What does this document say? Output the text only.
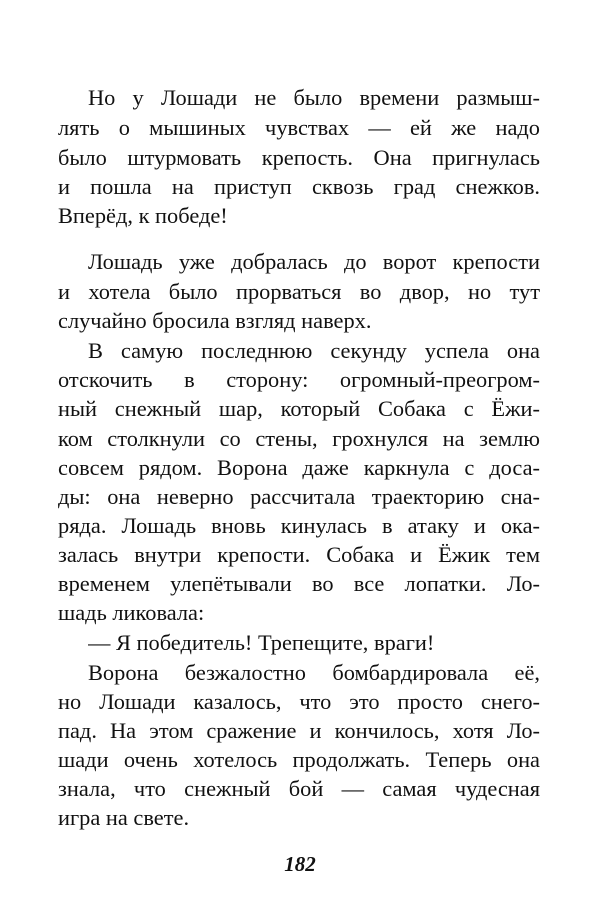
Но у Лошади не было времени размыш-
лять о мышиных чувствах — ей же надо
было штурмовать крепость. Она пригнулась
и пошла на приступ сквозь град снежков.
Вперёд, к победе!
Лошадь уже добралась до ворот крепости
и хотела было прорваться во двор, но тут
случайно бросила взгляд наверх.
В самую последнюю секунду успела она
отскочить в сторону: огромный-преогром-
ный снежный шар, который Собака с Ёжи-
ком столкнули со стены, грохнулся на землю
совсем рядом. Ворона даже каркнула с доса-
ды: она неверно рассчитала траекторию сна-
ряда. Лошадь вновь кинулась в атаку и ока-
залась внутри крепости. Собака и Ёжик тем
временем улепётывали во все лопатки. Ло-
шадь ликовала:
— Я победитель! Трепещите, враги!
Ворона безжалостно бомбардировала её,
но Лошади казалось, что это просто снего-
пад. На этом сражение и кончилось, хотя Ло-
шади очень хотелось продолжать. Теперь она
знала, что снежный бой — самая чудесная
игра на свете.
182
